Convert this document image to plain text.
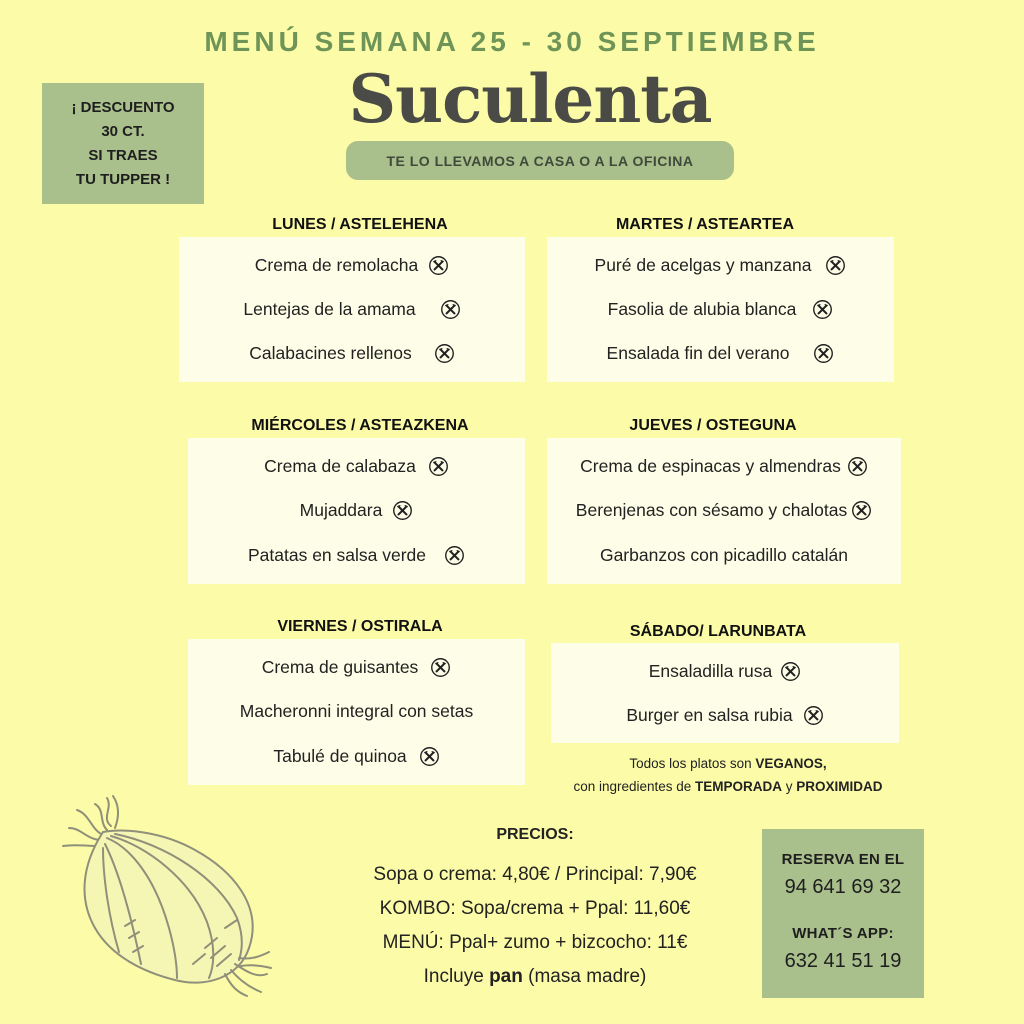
MENÚ SEMANA 25 - 30 SEPTIEMBRE
Suculenta
TE LO LLEVAMOS A CASA O A LA OFICINA
¡ DESCUENTO
30 CT.
SI TRAES
TU TUPPER !
LUNES / ASTELEHENA	MARTES / ASTEARTEA
MIÉRCOLES / ASTEAZKENA	JUEVES / OSTEGUNA
VIERNES / OSTIRALA	SÁBADO/ LARUNBATA
Crema de remolacha
Lentejas de la amama
Calabacines rellenos
Puré de acelgas y manzana
Fasolia de alubia blanca
Ensalada fin del verano
Crema de calabaza
Mujaddara
Patatas en salsa verde
Crema de espinacas y almendras
Berenjenas con sésamo y chalotas
Garbanzos con picadillo catalán
Crema de guisantes
Macheronni integral con setas
Tabulé de quinoa
Ensaladilla rusa
Burger en salsa rubia
Todos los platos son VEGANOS,
con ingredientes de TEMPORADA y PROXIMIDAD
PRECIOS:
Sopa o crema: 4,80€ / Principal: 7,90€
KOMBO: Sopa/crema + Ppal: 11,60€
MENÚ: Ppal+ zumo + bizcocho: 11€
Incluye pan (masa madre)
RESERVA EN EL
94 641 69 32
WHAT´S APP:
632 41 51 19
